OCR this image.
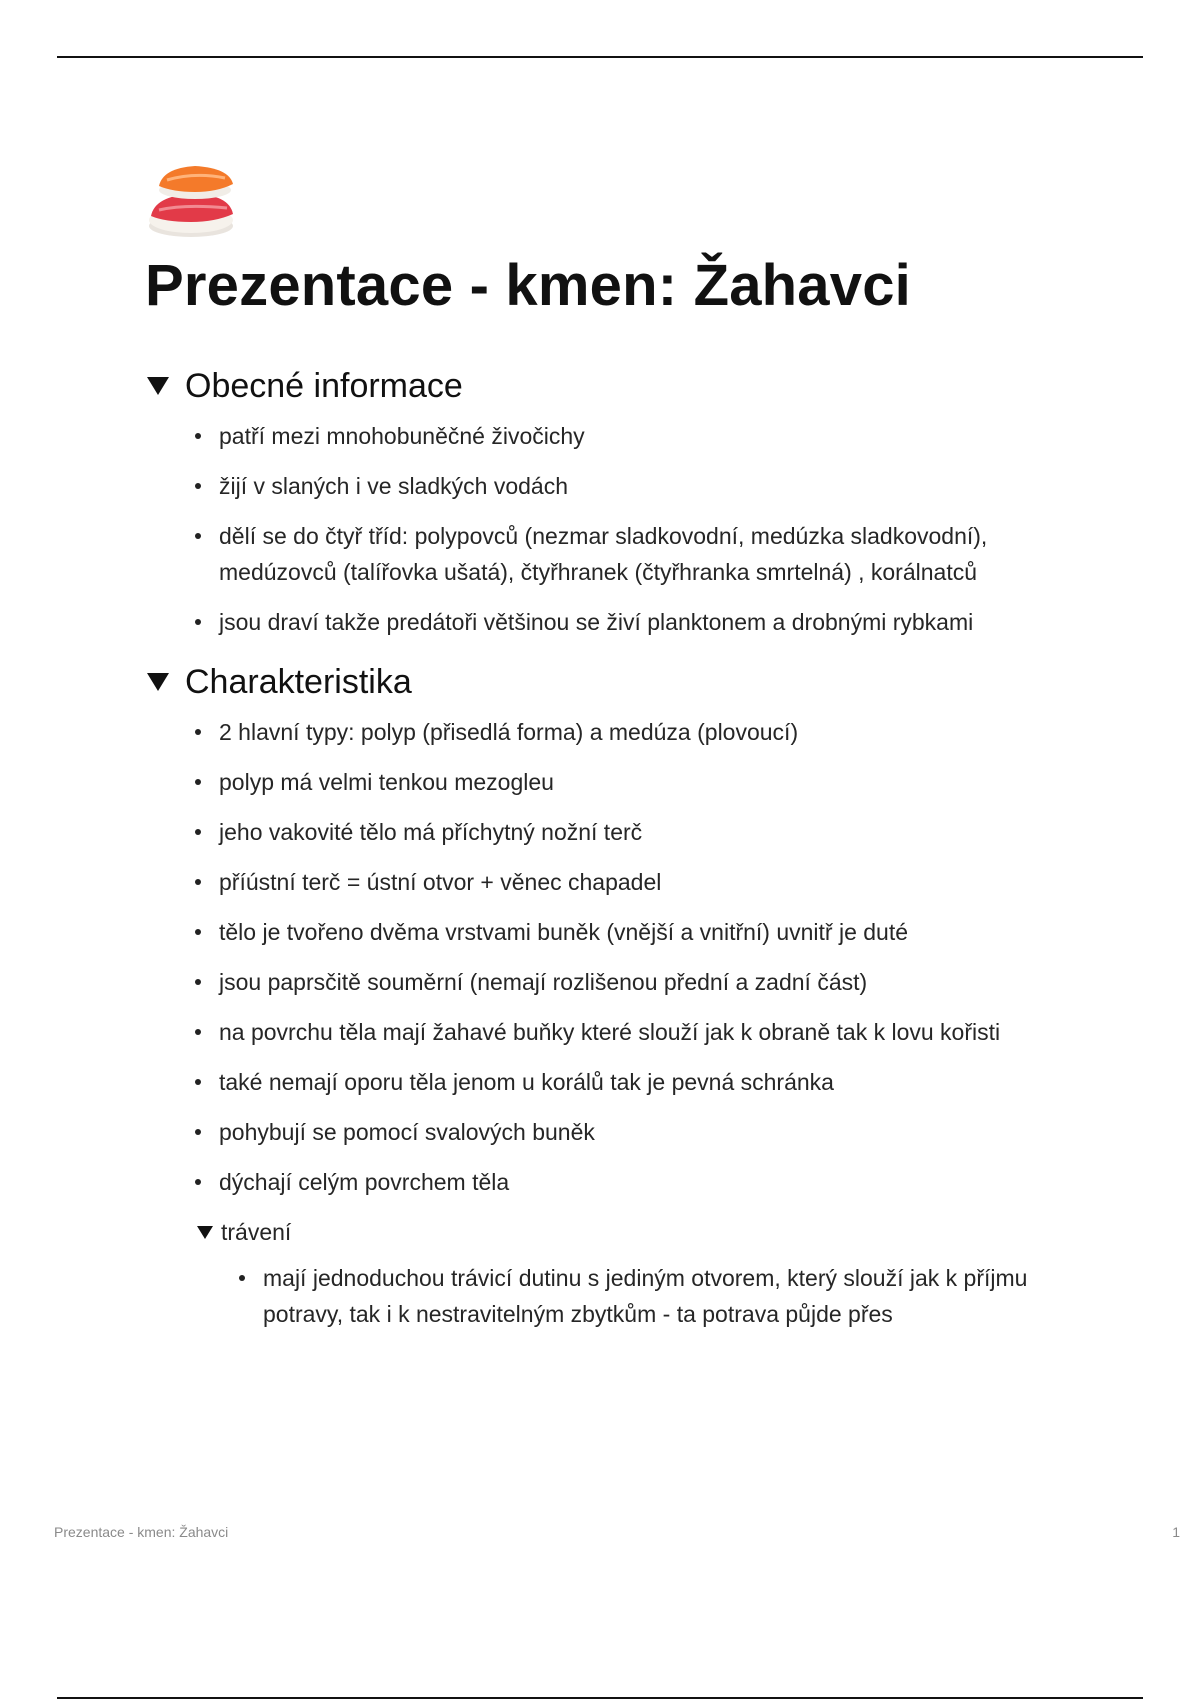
Prezentace - kmen: Žahavci
Obecné informace
patří mezi mnohobuněčné živočichy
žijí v slaných i ve sladkých vodách
dělí se do čtyř tříd: polypovců (nezmar sladkovodní, medúzka sladkovodní), medúzovců (talířovka ušatá), čtyřhranek (čtyřhranka smrtelná) , korálnatců
jsou draví takže predátoři většinou se živí planktonem a drobnými rybkami
Charakteristika
2 hlavní typy: polyp (přisedlá forma) a medúza (plovoucí)
polyp má velmi tenkou mezogleu
jeho vakovité tělo má příchytný nožní terč
příústní terč = ústní otvor + věnec chapadel
tělo je tvořeno dvěma vrstvami buněk (vnější a vnitřní) uvnitř je duté
jsou paprsčitě souměrní (nemají rozlišenou přední a zadní část)
na povrchu těla mají žahavé buňky které slouží jak k obraně tak k lovu kořisti
také nemají oporu těla jenom u korálů tak je pevná schránka
pohybují se pomocí svalových buněk
dýchají celým povrchem těla
trávení
mají jednoduchou trávicí dutinu s jediným otvorem, který slouží jak k příjmu potravy, tak i k nestravitelným zbytkům - ta potrava půjde přes
Prezentace - kmen: Žahavci	1
